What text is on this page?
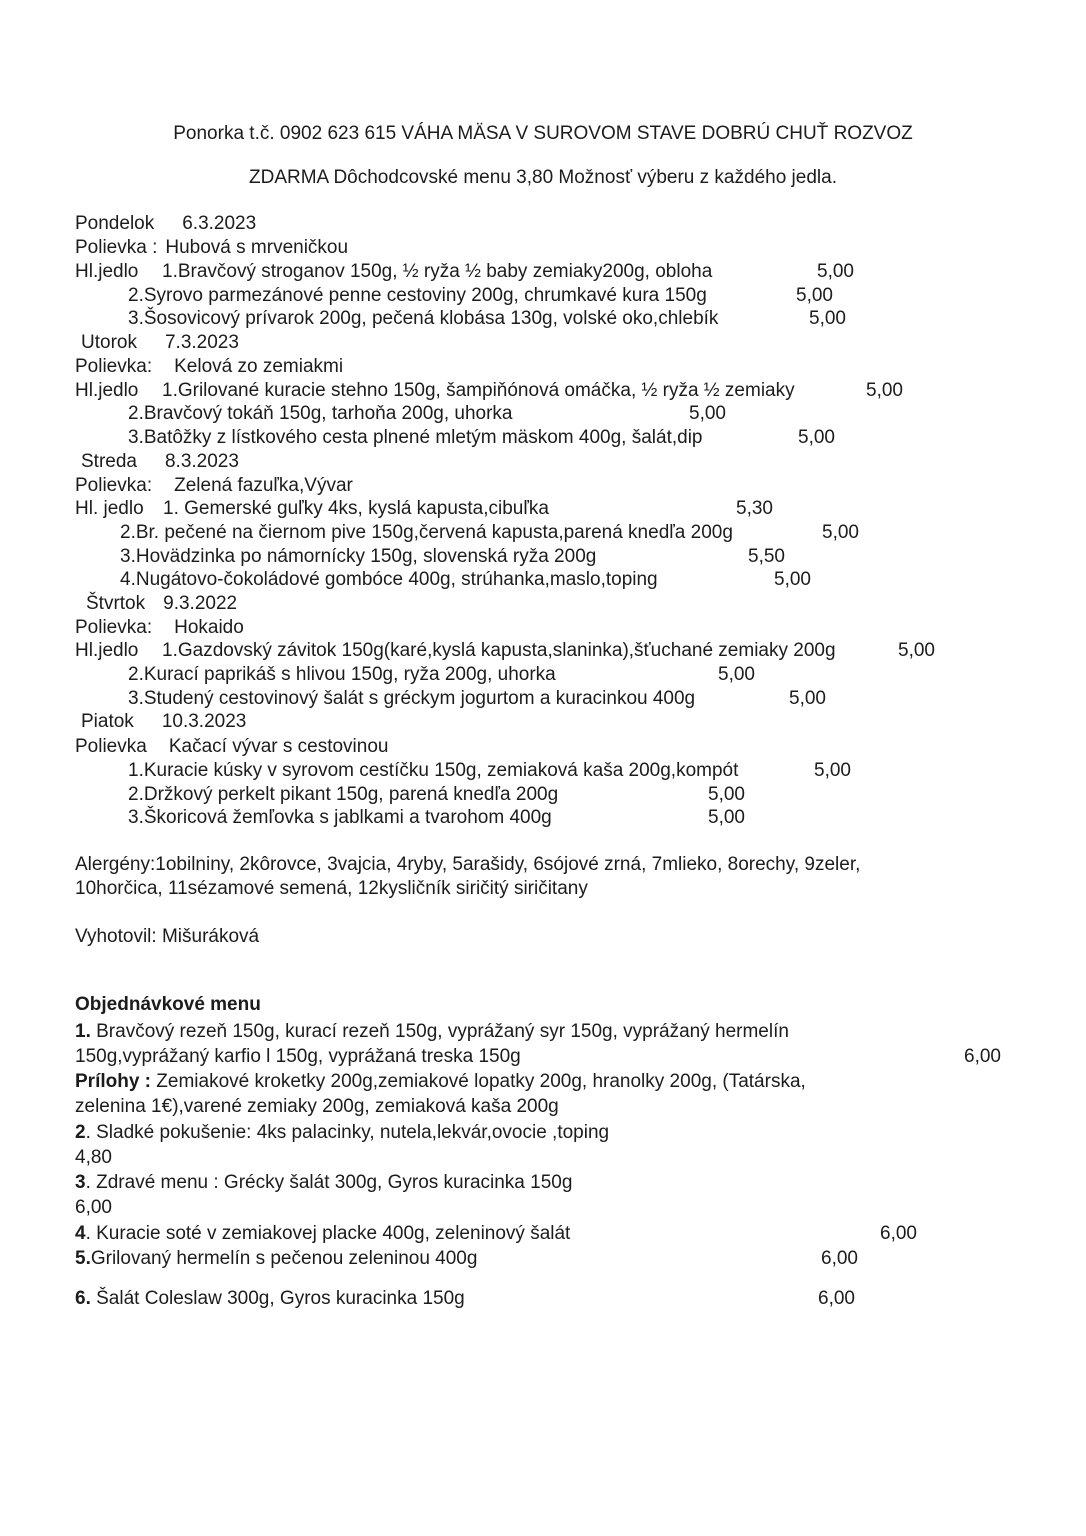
Ponorka t.č. 0902 623 615 VÁHA MÄSA V SUROVOM STAVE DOBRÚ CHUŤ ROZVOZ
ZDARMA Dôchodcovské menu 3,80 Možnosť výberu z každého jedla.
Pondelok 6.3.2023
Polievka : Hubová s mrveničkou
Hl.jedlo 1.Bravčový stroganov 150g, ½ ryža ½ baby zemiaky200g, obloha	5,00
2.Syrovo parmezánové penne cestoviny 200g, chrumkavé kura 150g	5,00
3.Šosovicový prívarok 200g, pečená klobása 130g, volské oko,chlebík	5,00
Utorok 7.3.2023
Polievka: Kelová zo zemiakmi
Hl.jedlo 1.Grilované kuracie stehno 150g, šampiňónová omáčka, ½ ryža ½ zemiaky	5,00
2.Bravčový tokáň 150g, tarhoňa 200g, uhorka	5,00
3.Batôžky z lístkového cesta plnené mletým mäskom 400g, šalát,dip	5,00
Streda 8.3.2023
Polievka: Zelená fazuľka,Vývar
Hl. jedlo 1. Gemerské guľky 4ks, kyslá kapusta,cibuľka	5,30
2.Br. pečené na čiernom pive 150g,červená kapusta,parená knedľa 200g	5,00
3.Hovädzinka po námornícky 150g, slovenská ryža 200g	5,50
4.Nugátovo-čokoládové gombóce 400g, strúhanka,maslo,toping	5,00
Štvrtok 9.3.2022
Polievka: Hokaido
Hl.jedlo 1.Gazdovský závitok 150g(karé,kyslá kapusta,slaninka),šťuchané zemiaky 200g	5,00
2.Kurací paprikáš s hlivou 150g, ryža 200g, uhorka	5,00
3.Studený cestovinový šalát s gréckym jogurtom a kuracinkou 400g	5,00
Piatok 10.3.2023
Polievka Kačací vývar s cestovinou
1.Kuracie kúsky v syrovom cestíčku 150g, zemiaková kaša 200g,kompót	5,00
2.Držkový perkelt pikant 150g, parená knedľa 200g	5,00
3.Škoricová žemľovka s jablkami a tvarohom 400g	5,00
Alergény:1obilniny, 2kôrovce, 3vajcia, 4ryby, 5arašidy, 6sójové zrná, 7mlieko, 8orechy, 9zeler,
10horčica, 11sézamové semená, 12kysličník siričitý siričitany
Vyhotovil: Mišuráková
Objednávkové menu
1. Bravčový rezeň 150g, kurací rezeň 150g, vyprážaný syr 150g, vyprážaný hermelín
150g,vyprážaný karfio l 150g, vyprážaná treska 150g	6,00
Prílohy : Zemiakové kroketky 200g,zemiakové lopatky 200g, hranolky 200g, (Tatárska,
zelenina 1€),varené zemiaky 200g, zemiaková kaša 200g
2. Sladké pokušenie: 4ks palacinky, nutela,lekvár,ovocie ,toping
4,80
3. Zdravé menu : Grécky šalát 300g, Gyros kuracinka 150g
6,00
4. Kuracie soté v zemiakovej placke 400g, zeleninový šalát	6,00
5.Grilovaný hermelín s pečenou zeleninou 400g	6,00
6. Šalát Coleslaw 300g, Gyros kuracinka 150g	6,00
